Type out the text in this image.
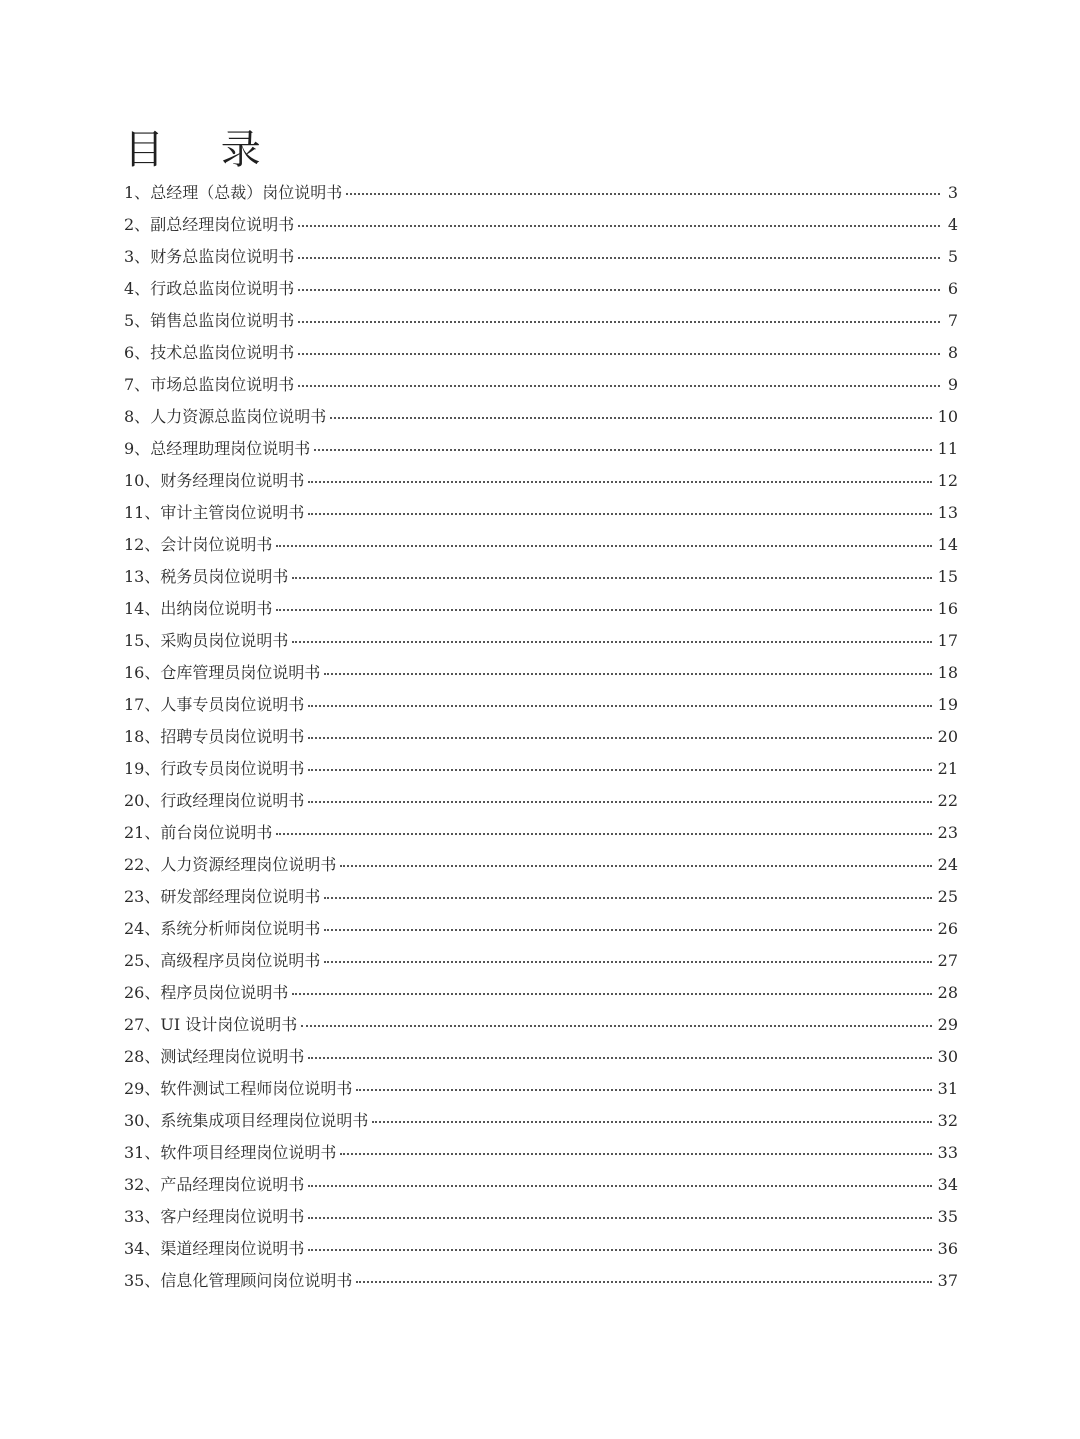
目 录
1、 总经理（总裁）岗位说明书	3
2、 副总经理岗位说明书	4
3、 财务总监岗位说明书	5
4、 行政总监岗位说明书	6
5、 销售总监岗位说明书	7
6、 技术总监岗位说明书	8
7、 市场总监岗位说明书	9
8、 人力资源总监岗位说明书	10
9、 总经理助理岗位说明书	11
10、 财务经理岗位说明书	12
11、 审计主管岗位说明书	13
12、 会计岗位说明书	14
13、 税务员岗位说明书	15
14、 出纳岗位说明书	16
15、 采购员岗位说明书	17
16、 仓库管理员岗位说明书	18
17、 人事专员岗位说明书	19
18、 招聘专员岗位说明书	20
19、 行政专员岗位说明书	21
20、 行政经理岗位说明书	22
21、 前台岗位说明书	23
22、 人力资源经理岗位说明书	24
23、 研发部经理岗位说明书	25
24、 系统分析师岗位说明书	26
25、 高级程序员岗位说明书	27
26、 程序员岗位说明书	28
27、 UI 设计岗位说明书	29
28、 测试经理岗位说明书	30
29、 软件测试工程师岗位说明书	31
30、 系统集成项目经理岗位说明书	32
31、 软件项目经理岗位说明书	33
32、 产品经理岗位说明书	34
33、 客户经理岗位说明书	35
34、 渠道经理岗位说明书	36
35、 信息化管理顾问岗位说明书	37
